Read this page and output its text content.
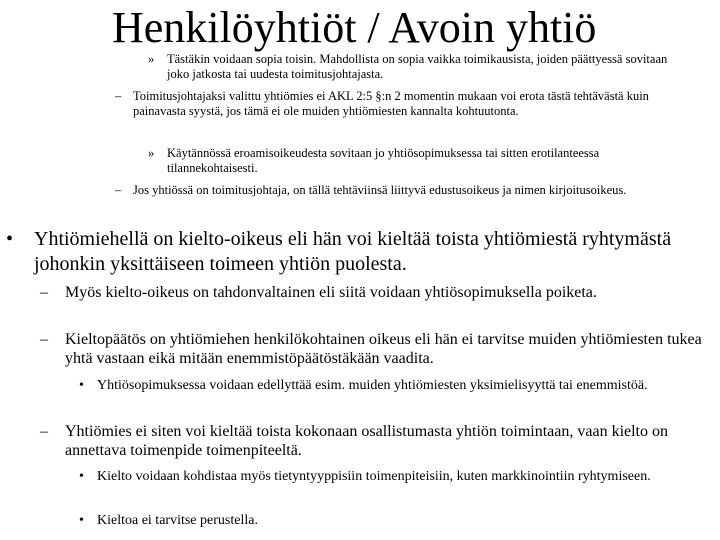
Henkilöyhtiöt / Avoin yhtiö
» Tästäkin voidaan sopia toisin. Mahdollista on sopia vaikka toimikausista, joiden päättyessä sovitaan joko jatkosta tai uudesta toimitusjohtajasta.
– Toimitusjohtajaksi valittu yhtiömies ei AKL 2:5 §:n 2 momentin mukaan voi erota tästä tehtävästä kuin painavasta syystä, jos tämä ei ole muiden yhtiömiesten kannalta kohtuutonta.
» Käytännössä eroamisoikeudesta sovitaan jo yhtiösopimuksessa tai sitten erotilanteessa tilannekohtaisesti.
– Jos yhtiössä on toimitusjohtaja, on tällä tehtäviinsä liittyvä edustusoikeus ja nimen kirjoitusoikeus.
• Yhtiömiehellä on kielto-oikeus eli hän voi kieltää toista yhtiömiestä ryhtymästä johonkin yksittäiseen toimeen yhtiön puolesta.
– Myös kielto-oikeus on tahdonvaltainen eli siitä voidaan yhtiösopimuksella poiketa.
– Kieltopäätös on yhtiömiehen henkilökohtainen oikeus eli hän ei tarvitse muiden yhtiömiesten tukea yhtä vastaan eikä mitään enemmistöpäätöstäkään vaadita.
• Yhtiösopimuksessa voidaan edellyttää esim. muiden yhtiömiesten yksimielisyyttä tai enemmistöä.
– Yhtiömies ei siten voi kieltää toista kokonaan osallistumasta yhtiön toimintaan, vaan kielto on annettava toimenpide toimenpiteeltä.
• Kielto voidaan kohdistaa myös tietyntyyppisiin toimenpiteisiin, kuten markkinointiin ryhtymiseen.
• Kieltoa ei tarvitse perustella.
